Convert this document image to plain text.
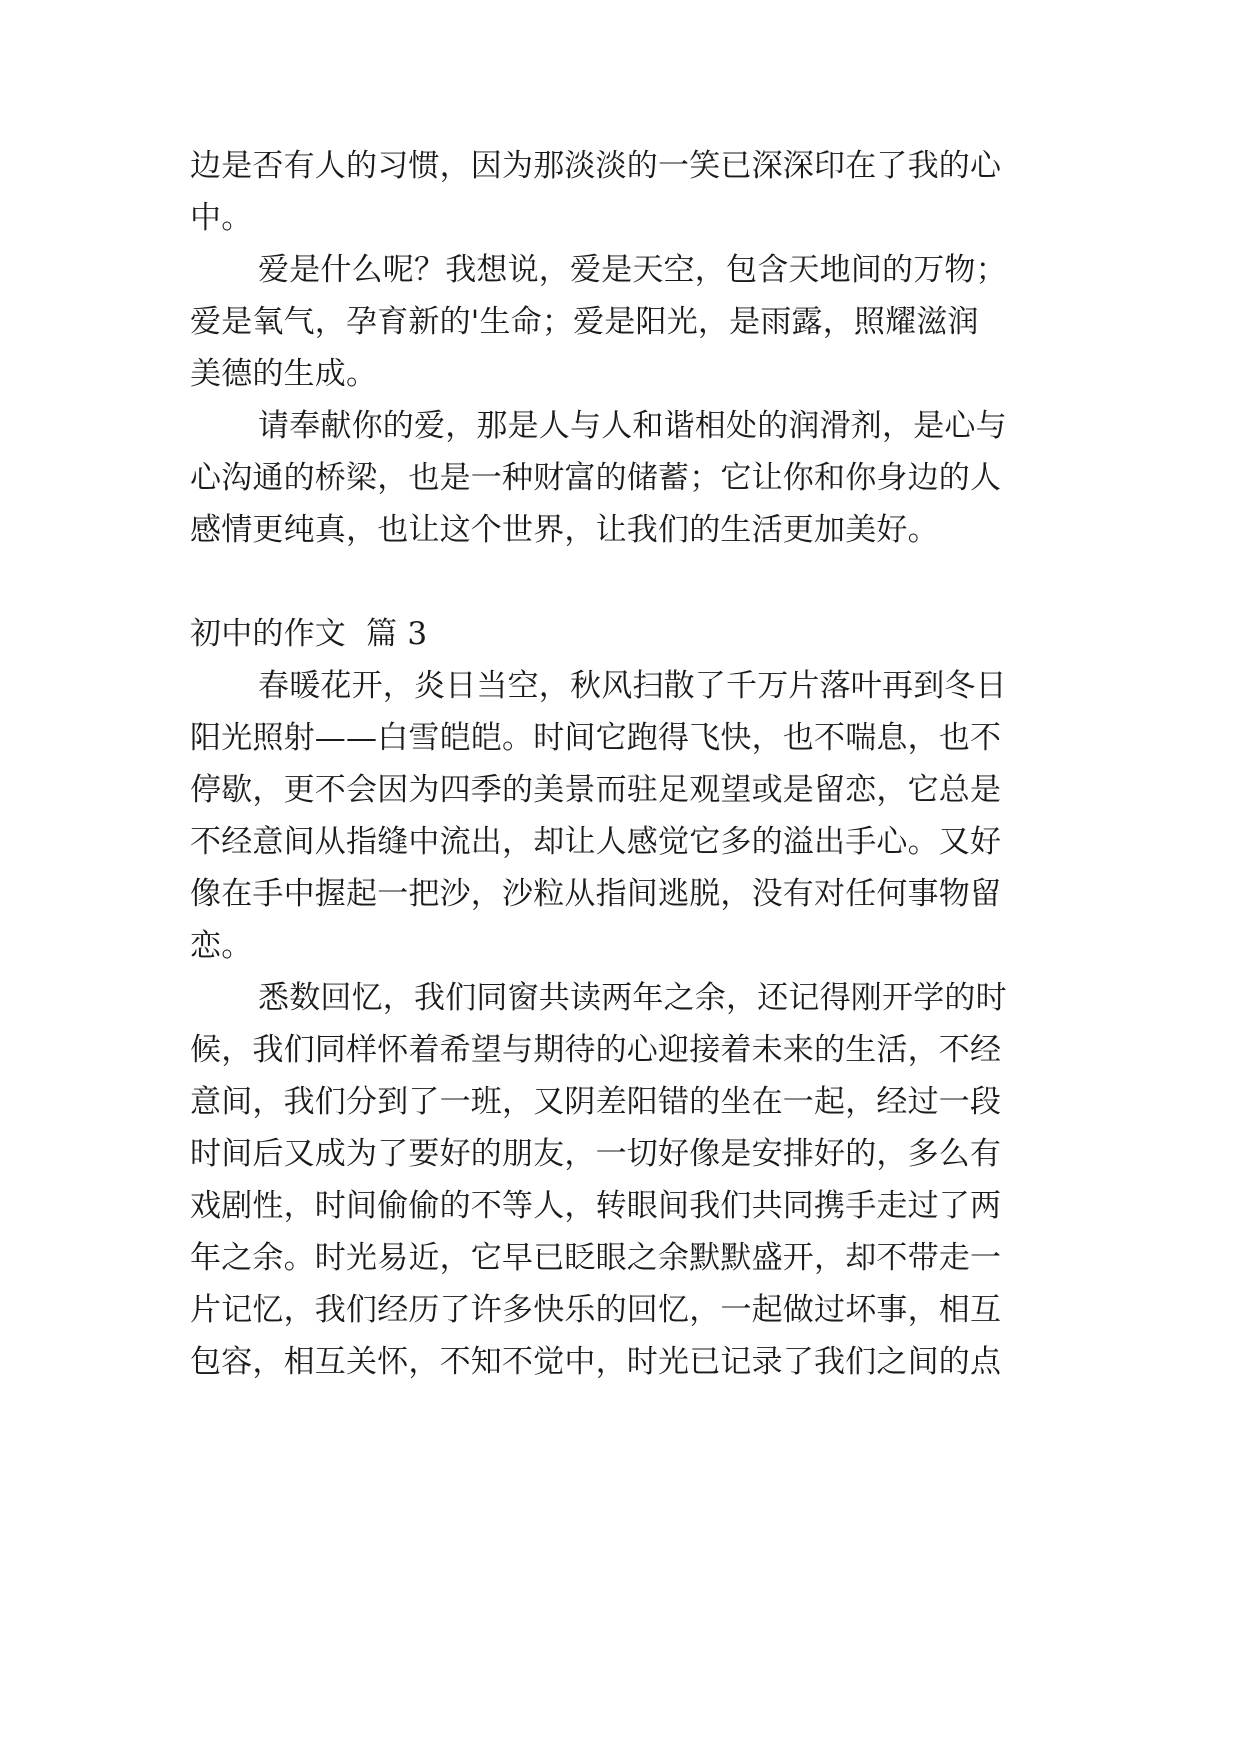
边是否有人的习惯，因为那淡淡的一笑已深深印在了我的心
中。
爱是什么呢？我想说，爱是天空，包含天地间的万物；
爱是氧气，孕育新的'生命；爱是阳光，是雨露，照耀滋润
美德的生成。
请奉献你的爱，那是人与人和谐相处的润滑剂，是心与
心沟通的桥梁，也是一种财富的储蓄；它让你和你身边的人
感情更纯真，也让这个世界，让我们的生活更加美好。
初中的作文  篇 3
春暖花开，炎日当空，秋风扫散了千万片落叶再到冬日
阳光照射——白雪皑皑。时间它跑得飞快，也不喘息，也不
停歇，更不会因为四季的美景而驻足观望或是留恋，它总是
不经意间从指缝中流出，却让人感觉它多的溢出手心。又好
像在手中握起一把沙，沙粒从指间逃脱，没有对任何事物留
恋。
悉数回忆，我们同窗共读两年之余，还记得刚开学的时
候，我们同样怀着希望与期待的心迎接着未来的生活，不经
意间，我们分到了一班，又阴差阳错的坐在一起，经过一段
时间后又成为了要好的朋友，一切好像是安排好的，多么有
戏剧性，时间偷偷的不等人，转眼间我们共同携手走过了两
年之余。时光易近，它早已眨眼之余默默盛开，却不带走一
片记忆，我们经历了许多快乐的回忆，一起做过坏事，相互
包容，相互关怀，不知不觉中，时光已记录了我们之间的点
